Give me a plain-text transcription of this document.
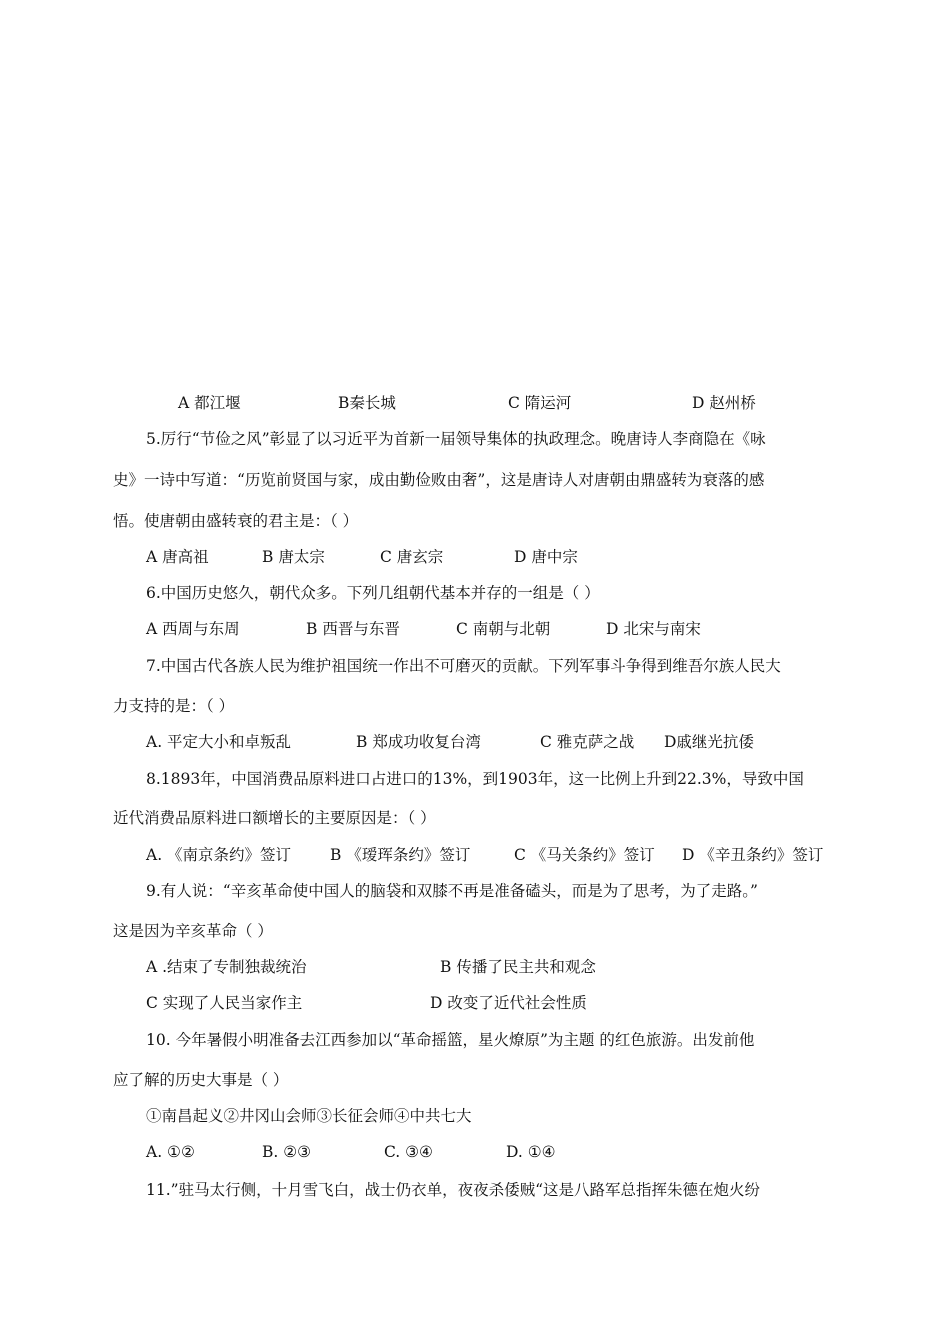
A 都江堰	B秦长城	C 隋运河	D 赵州桥
5.厉行“节俭之风”彰显了以习近平为首新一届领导集体的执政理念。晚唐诗人李商隐在《咏
史》一诗中写道：“历览前贤国与家，成由勤俭败由奢”，这是唐诗人对唐朝由鼎盛转为衰落的感
悟。使唐朝由盛转衰的君主是：（ ）
A 唐高祖	B 唐太宗	C 唐玄宗	D 唐中宗
6.中国历史悠久，朝代众多。下列几组朝代基本并存的一组是（ ）
A 西周与东周	B 西晋与东晋	C 南朝与北朝	D 北宋与南宋
7.中国古代各族人民为维护祖国统一作出不可磨灭的贡献。下列军事斗争得到维吾尔族人民大
力支持的是：（ ）
A. 平定大小和卓叛乱	B 郑成功收复台湾	C 雅克萨之战 D戚继光抗倭
8.1893年，中国消费品原料进口占进口的13%，到1903年，这一比例上升到22.3%，导致中国
近代消费品原料进口额增长的主要原因是：（ ）
A. 《南京条约》签订	B 《瑷珲条约》签订	C 《马关条约》签订 D 《辛丑条约》签订
9.有人说：“辛亥革命使中国人的脑袋和双膝不再是准备磕头，而是为了思考，为了走路。”
这是因为辛亥革命（ ）
A .结束了专制独裁统治	B 传播了民主共和观念
C 实现了人民当家作主	D 改变了近代社会性质
10. 今年暑假小明准备去江西参加以“革命摇篮，星火燎原”为主题 的红色旅游。出发前他
应了解的历史大事是（ ）
①南昌起义②井冈山会师③长征会师④中共七大
A. ①②	B. ②③	C. ③④	D. ①④
11.”驻马太行侧，十月雪飞白，战士仍衣单，夜夜杀倭贼“这是八路军总指挥朱德在炮火纷
